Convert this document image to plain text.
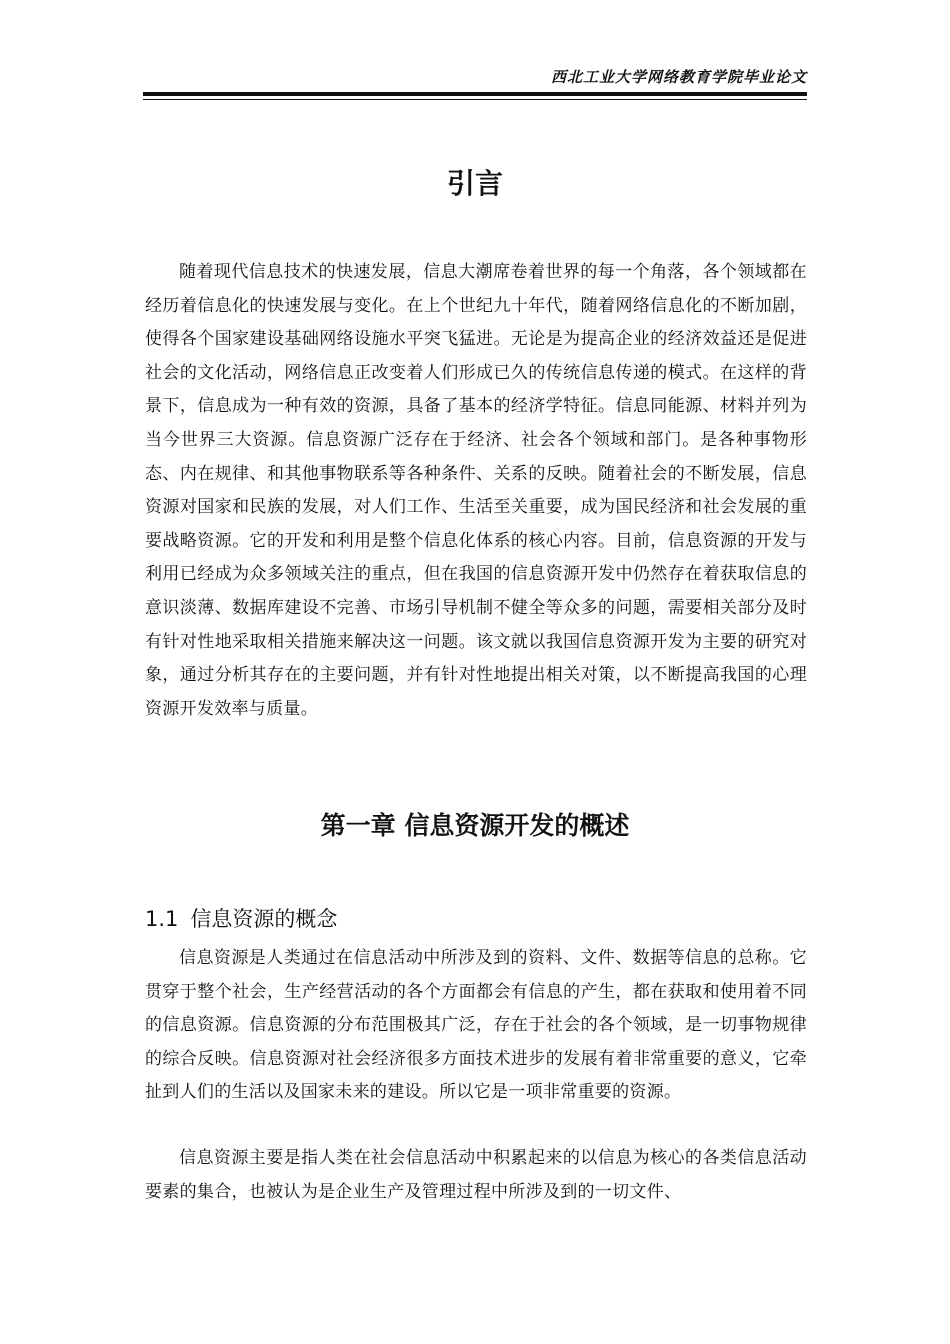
西北工业大学网络教育学院毕业论文
引言

随着现代信息技术的快速发展，信息大潮席卷着世界的每一个角落，各个领域都在经历着信息化的快速发展与变化。在上个世纪九十年代，随着网络信息化的不断加剧，使得各个国家建设基础网络设施水平突飞猛进。无论是为提高企业的经济效益还是促进社会的文化活动，网络信息正改变着人们形成已久的传统信息传递的模式。在这样的背景下，信息成为一种有效的资源，具备了基本的经济学特征。信息同能源、材料并列为当今世界三大资源。信息资源广泛存在于经济、社会各个领域和部门。是各种事物形态、内在规律、和其他事物联系等各种条件、关系的反映。随着社会的不断发展，信息资源对国家和民族的发展，对人们工作、生活至关重要，成为国民经济和社会发展的重要战略资源。它的开发和利用是整个信息化体系的核心内容。目前，信息资源的开发与利用已经成为众多领域关注的重点，但在我国的信息资源开发中仍然存在着获取信息的意识淡薄、数据库建设不完善、市场引导机制不健全等众多的问题，需要相关部分及时有针对性地采取相关措施来解决这一问题。该文就以我国信息资源开发为主要的研究对象，通过分析其存在的主要问题，并有针对性地提出相关对策，以不断提高我国的心理资源开发效率与质量。

第一章 信息资源开发的概述
1.1 信息资源的概念

信息资源是人类通过在信息活动中所涉及到的资料、文件、数据等信息的总称。它贯穿于整个社会，生产经营活动的各个方面都会有信息的产生，都在获取和使用着不同的信息资源。信息资源的分布范围极其广泛，存在于社会的各个领域，是一切事物规律的综合反映。信息资源对社会经济很多方面技术进步的发展有着非常重要的意义，它牵扯到人们的生活以及国家未来的建设。所以它是一项非常重要的资源。

信息资源主要是指人类在社会信息活动中积累起来的以信息为核心的各类信息活动要素的集合，也被认为是企业生产及管理过程中所涉及到的一切文件、
